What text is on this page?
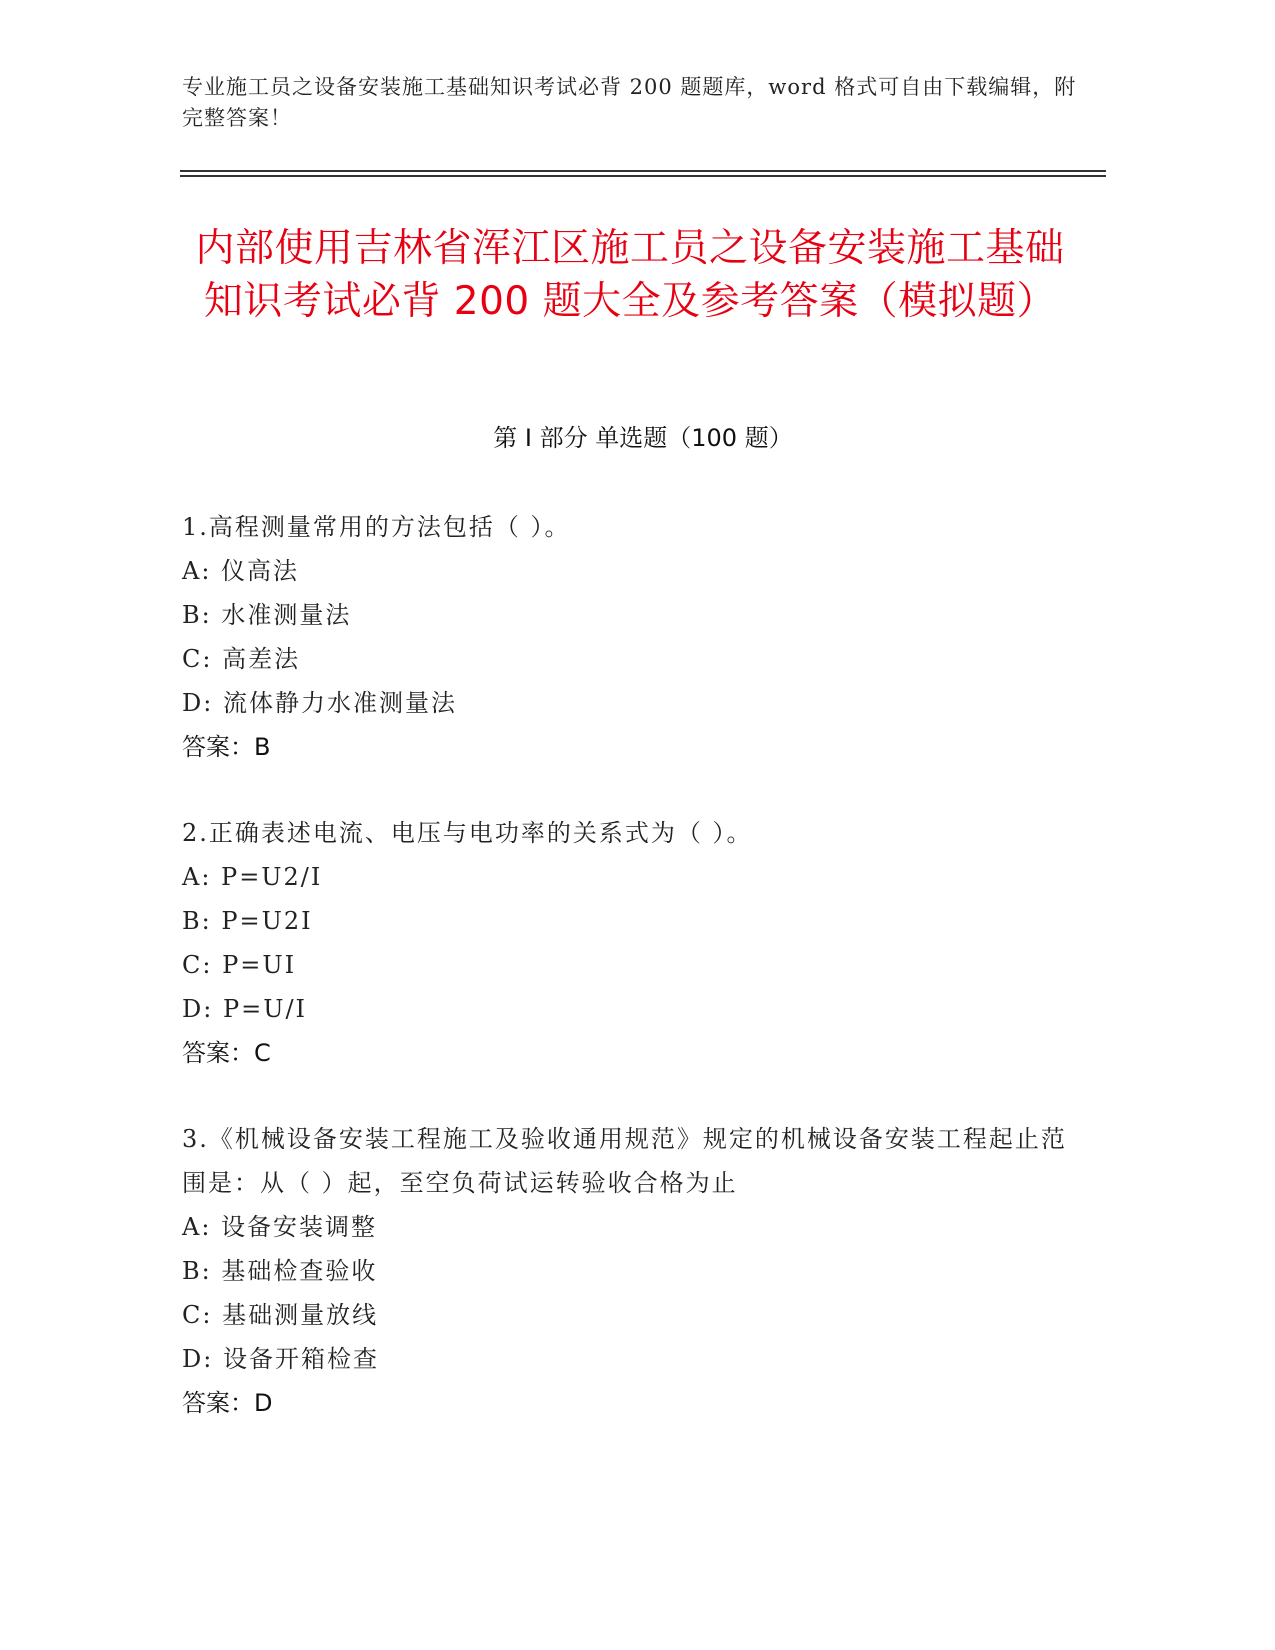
专业施工员之设备安装施工基础知识考试必背 200 题题库，word 格式可自由下载编辑，附完整答案！
内部使用吉林省浑江区施工员之设备安装施工基础知识考试必背 200 题大全及参考答案（模拟题）
第 I 部分 单选题（100 题）
1.高程测量常用的方法包括（ ）。
A: 仪高法
B: 水准测量法
C: 高差法
D: 流体静力水准测量法
答案：B
2.正确表述电流、电压与电功率的关系式为（ ）。
A: P=U2/I
B: P=U2I
C: P=UI
D: P=U/I
答案：C
3.《机械设备安装工程施工及验收通用规范》规定的机械设备安装工程起止范围是：从（ ）起，至空负荷试运转验收合格为止
A: 设备安装调整
B: 基础检查验收
C: 基础测量放线
D: 设备开箱检查
答案：D
